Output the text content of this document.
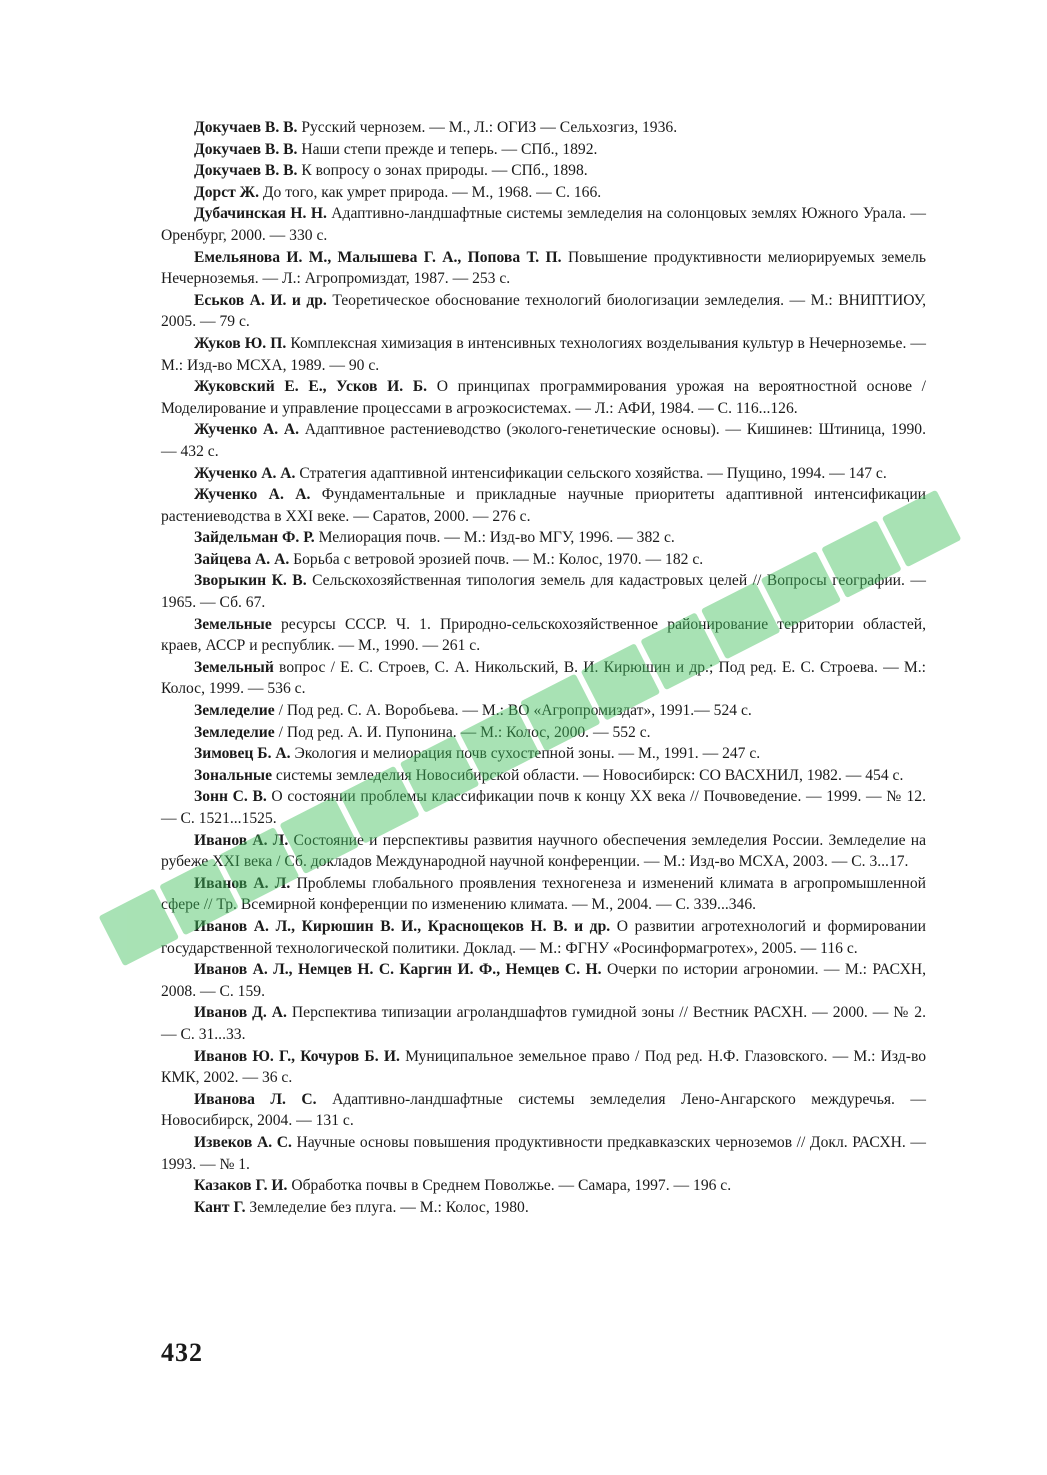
Докучаев В. В. Русский чернозем. — М., Л.: ОГИЗ — Сельхозгиз, 1936.

Докучаев В. В. Наши степи прежде и теперь. — СПб., 1892.

Докучаев В. В. К вопросу о зонах природы. — СПб., 1898.

Дорст Ж. До того, как умрет природа. — М., 1968. — С. 166.

Дубачинская Н. Н. Адаптивно-ландшафтные системы земледелия на солонцовых землях Южного Урала. — Оренбург, 2000. — 330 с.

Емельянова И. М., Малышева Г. А., Попова Т. П. Повышение продуктивности мелиорируемых земель Нечерноземья. — Л.: Агропромиздат, 1987. — 253 с.

Еськов А. И. и др. Теоретическое обоснование технологий биологизации земледелия. — М.: ВНИПТИОУ, 2005. — 79 с.

Жуков Ю. П. Комплексная химизация в интенсивных технологиях возделывания культур в Нечерноземье. — М.: Изд-во МСХА, 1989. — 90 с.

Жуковский Е. Е., Усков И. Б. О принципах программирования урожая на вероятностной основе / Моделирование и управление процессами в агроэкосистемах. — Л.: АФИ, 1984. — С. 116...126.

Жученко А. А. Адаптивное растениеводство (эколого-генетические основы). — Кишинев: Штиница, 1990. — 432 с.

Жученко А. А. Стратегия адаптивной интенсификации сельского хозяйства. — Пущино, 1994. — 147 с.

Жученко А. А. Фундаментальные и прикладные научные приоритеты адаптивной интенсификации растениеводства в XXI веке. — Саратов, 2000. — 276 с.

Зайдельман Ф. Р. Мелиорация почв. — М.: Изд-во МГУ, 1996. — 382 с.

Зайцева А. А. Борьба с ветровой эрозией почв. — М.: Колос, 1970. — 182 с.

Зворыкин К. В. Сельскохозяйственная типология земель для кадастровых целей // Вопросы географии. — 1965. — Сб. 67.

Земельные ресурсы СССР. Ч. 1. Природно-сельскохозяйственное районирование территории областей, краев, АССР и республик. — М., 1990. — 261 с.

Земельный вопрос / Е. С. Строев, С. А. Никольский, В. И. Кирюшин и др.; Под ред. Е. С. Строева. — М.: Колос, 1999. — 536 с.

Земледелие / Под ред. С. А. Воробьева. — М.: ВО «Агропромиздат», 1991.— 524 с.

Земледелие / Под ред. А. И. Пупонина. — М.: Колос, 2000. — 552 с.

Зимовец Б. А. Экология и мелиорация почв сухостепной зоны. — М., 1991. — 247 с.

Зональные системы земледелия Новосибирской области. — Новосибирск: СО ВАСХНИЛ, 1982. — 454 с.

Зонн С. В. О состоянии проблемы классификации почв к концу XX века // Почвоведение. — 1999. — № 12. — С. 1521...1525.

Иванов А. Л. Состояние и перспективы развития научного обеспечения земледелия России. Земледелие на рубеже XXI века / Сб. докладов Международной научной конференции. — М.: Изд-во МСХА, 2003. — С. 3...17.

Иванов А. Л. Проблемы глобального проявления техногенеза и изменений климата в агропромышленной сфере // Тр. Всемирной конференции по изменению климата. — М., 2004. — С. 339...346.

Иванов А. Л., Кирюшин В. И., Краснощеков Н. В. и др. О развитии агротехнологий и формировании государственной технологической политики. Доклад. — М.: ФГНУ «Росинформагротех», 2005. — 116 с.

Иванов А. Л., Немцев Н. С. Каргин И. Ф., Немцев С. Н. Очерки по истории агрономии. — М.: РАСХН, 2008. — С. 159.

Иванов Д. А. Перспектива типизации агроландшафтов гумидной зоны // Вестник РАСХН. — 2000. — № 2. — С. 31...33.

Иванов Ю. Г., Кочуров Б. И. Муниципальное земельное право / Под ред. Н.Ф. Глазовского. — М.: Изд-во КМК, 2002. — 36 с.

Иванова Л. С. Адаптивно-ландшафтные системы земледелия Лено-Ангарского междуречья. — Новосибирск, 2004. — 131 с.

Извеков А. С. Научные основы повышения продуктивности предкавказских черноземов // Докл. РАСХН. — 1993. — № 1.

Казаков Г. И. Обработка почвы в Среднем Поволжье. — Самара, 1997. — 196 с.

Кант Г. Земледелие без плуга. — М.: Колос, 1980.

432
